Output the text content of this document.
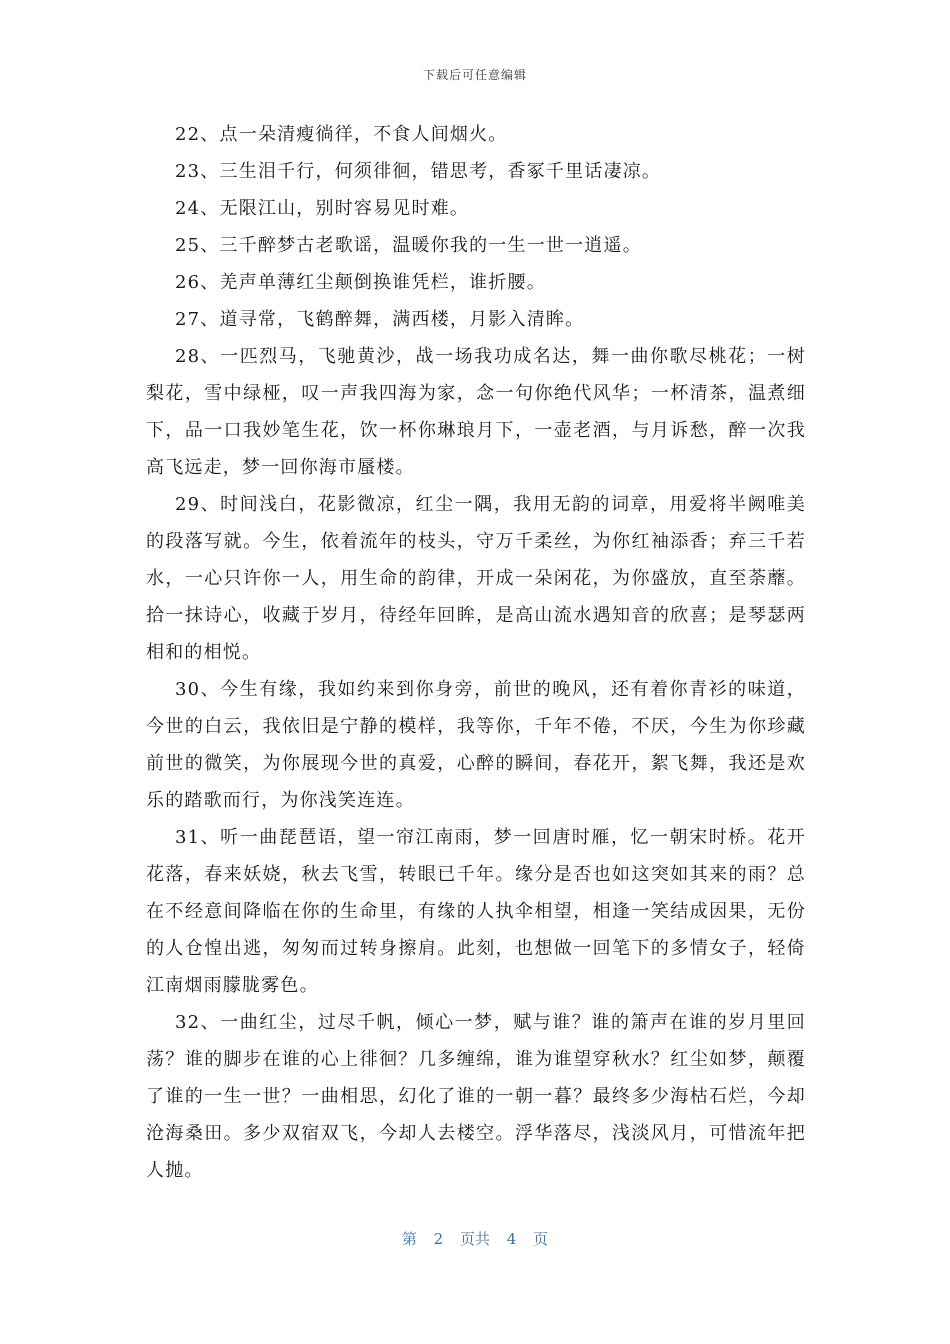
下载后可任意编辑

22、点一朵清瘦徜徉，不食人间烟火。

23、三生泪千行，何须徘徊，错思考，香冢千里话凄凉。

24、无限江山，别时容易见时难。

25、三千醉梦古老歌谣，温暖你我的一生一世一逍遥。

26、羌声单薄红尘颠倒换谁凭栏，谁折腰。

27、道寻常，飞鹤醉舞，满西楼，月影入清眸。

28、一匹烈马，飞驰黄沙，战一场我功成名达，舞一曲你歌尽桃花；一树梨花，雪中绿桠，叹一声我四海为家，念一句你绝代风华；一杯清茶，温煮细下，品一口我妙笔生花，饮一杯你琳琅月下，一壶老酒，与月诉愁，醉一次我高飞远走，梦一回你海市蜃楼。

29、时间浅白，花影微凉，红尘一隅，我用无韵的词章，用爱将半阙唯美的段落写就。今生，依着流年的枝头，守万千柔丝，为你红袖添香；弃三千若水，一心只许你一人，用生命的韵律，开成一朵闲花，为你盛放，直至荼蘼。拾一抹诗心，收藏于岁月，待经年回眸，是高山流水遇知音的欣喜；是琴瑟两相和的相悦。

30、今生有缘，我如约来到你身旁，前世的晚风，还有着你青衫的味道，今世的白云，我依旧是宁静的模样，我等你，千年不倦，不厌，今生为你珍藏前世的微笑，为你展现今世的真爱，心醉的瞬间，春花开，絮飞舞，我还是欢乐的踏歌而行，为你浅笑连连。

31、听一曲琵琶语，望一帘江南雨，梦一回唐时雁，忆一朝宋时桥。花开花落，春来妖娆，秋去飞雪，转眼已千年。缘分是否也如这突如其来的雨？总在不经意间降临在你的生命里，有缘的人执伞相望，相逢一笑结成因果，无份的人仓惶出逃，匆匆而过转身擦肩。此刻，也想做一回笔下的多情女子，轻倚江南烟雨朦胧雾色。

32、一曲红尘，过尽千帆，倾心一梦，赋与谁？谁的箫声在谁的岁月里回荡？谁的脚步在谁的心上徘徊？几多缠绵，谁为谁望穿秋水？红尘如梦，颠覆了谁的一生一世？一曲相思，幻化了谁的一朝一暮？最终多少海枯石烂，今却沧海桑田。多少双宿双飞，今却人去楼空。浮华落尽，浅淡风月，可惜流年把人抛。

第 2 页共 4 页
